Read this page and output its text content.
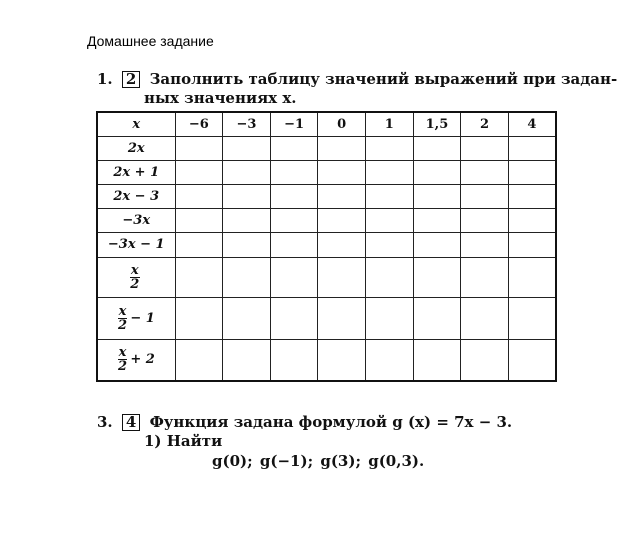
Домашнее задание
1. 2 Заполнить таблицу значений выражений при задан-
ных значениях x.
x	−6	−3	−1	0	1	1,5	2	4
2x								
2x + 1								
2x − 3								
−3x								
−3x − 1								

$\frac{x}{2}$

$\frac{x}{2} - 1$								

$\frac{x}{2} + 2$								
3. 4 Функция задана формулой g (x) = 7x − 3.
1) Найти
g(0); g(−1); g(3); g(0,3).
